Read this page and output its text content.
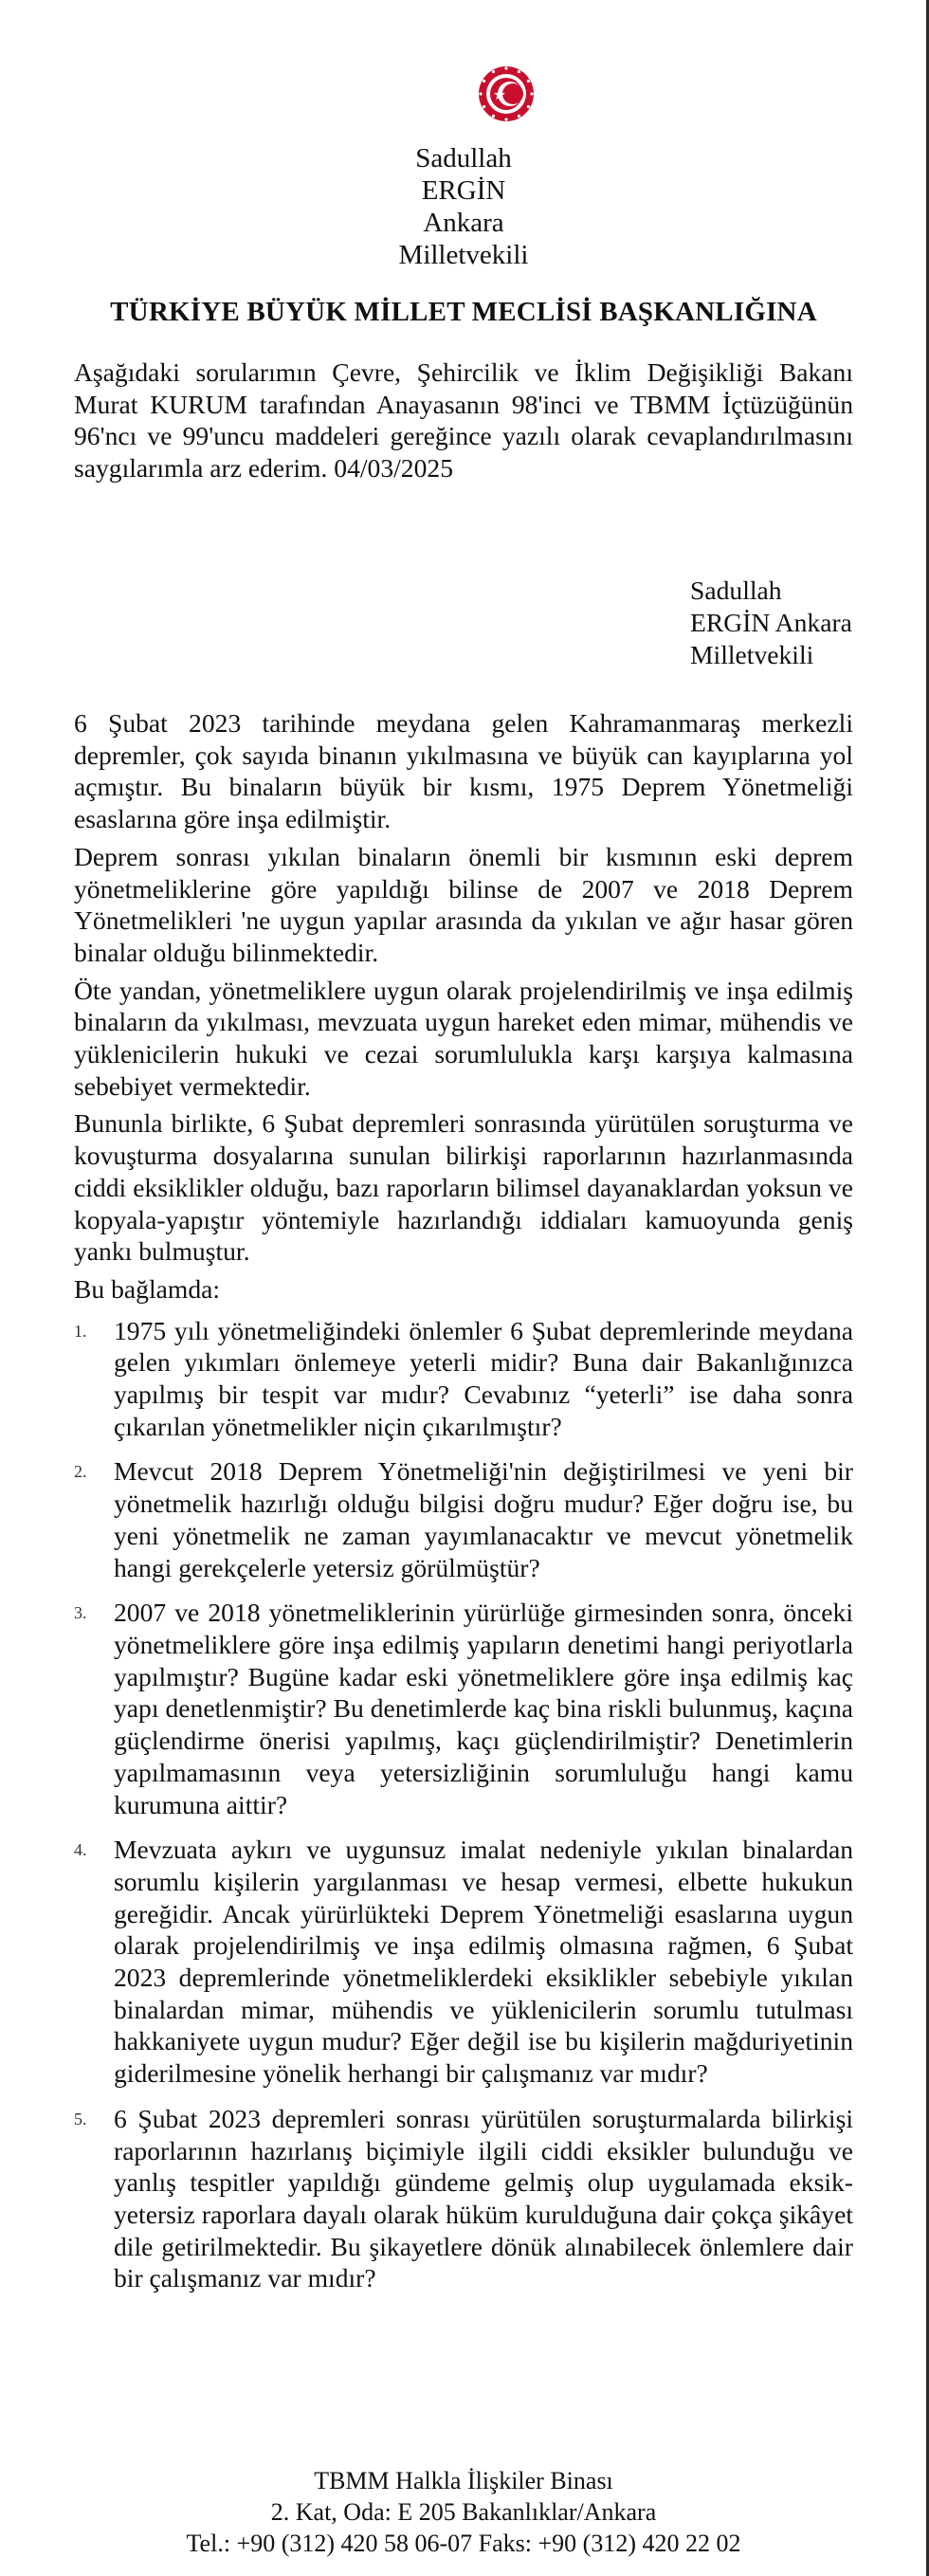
Sadullah
ERGİN
Ankara
Milletvekili
TÜRKİYE BÜYÜK MİLLET MECLİSİ BAŞKANLIĞINA

Aşağıdaki sorularımın Çevre, Şehircilik ve İklim Değişikliği Bakanı Murat KURUM tarafından Anayasanın 98'inci ve TBMM İçtüzüğünün 96'ncı ve 99'uncu maddeleri gereğince yazılı olarak cevaplandırılmasını saygılarımla arz ederim. 04/03/2025

Sadullah
ERGİN Ankara
Milletvekili

6 Şubat 2023 tarihinde meydana gelen Kahramanmaraş merkezli depremler, çok sayıda binanın yıkılmasına ve büyük can kayıplarına yol açmıştır. Bu binaların büyük bir kısmı, 1975 Deprem Yönetmeliği esaslarına göre inşa edilmiştir.

Deprem sonrası yıkılan binaların önemli bir kısmının eski deprem yönetmeliklerine göre yapıldığı bilinse de 2007 ve 2018 Deprem Yönetmelikleri 'ne uygun yapılar arasında da yıkılan ve ağır hasar gören binalar olduğu bilinmektedir.

Öte yandan, yönetmeliklere uygun olarak projelendirilmiş ve inşa edilmiş binaların da yıkılması, mevzuata uygun hareket eden mimar, mühendis ve yüklenicilerin hukuki ve cezai sorumlulukla karşı karşıya kalmasına sebebiyet vermektedir.

Bununla birlikte, 6 Şubat depremleri sonrasında yürütülen soruşturma ve kovuşturma dosyalarına sunulan bilirkişi raporlarının hazırlanmasında ciddi eksiklikler olduğu, bazı raporların bilimsel dayanaklardan yoksun ve kopyala-yapıştır yöntemiyle hazırlandığı iddiaları kamuoyunda geniş yankı bulmuştur.

Bu bağlamda:

1. 1975 yılı yönetmeliğindeki önlemler 6 Şubat depremlerinde meydana gelen yıkımları önlemeye yeterli midir? Buna dair Bakanlığınızca yapılmış bir tespit var mıdır? Cevabınız “yeterli” ise daha sonra çıkarılan yönetmelikler niçin çıkarılmıştır?

2. Mevcut 2018 Deprem Yönetmeliği'nin değiştirilmesi ve yeni bir yönetmelik hazırlığı olduğu bilgisi doğru mudur? Eğer doğru ise, bu yeni yönetmelik ne zaman yayımlanacaktır ve mevcut yönetmelik hangi gerekçelerle yetersiz görülmüştür?

3. 2007 ve 2018 yönetmeliklerinin yürürlüğe girmesinden sonra, önceki yönetmeliklere göre inşa edilmiş yapıların denetimi hangi periyotlarla yapılmıştır? Bugüne kadar eski yönetmeliklere göre inşa edilmiş kaç yapı denetlenmiştir? Bu denetimlerde kaç bina riskli bulunmuş, kaçına güçlendirme önerisi yapılmış, kaçı güçlendirilmiştir? Denetimlerin yapılmamasının veya yetersizliğinin sorumluluğu hangi kamu kurumuna aittir?

4. Mevzuata aykırı ve uygunsuz imalat nedeniyle yıkılan binalardan sorumlu kişilerin yargılanması ve hesap vermesi, elbette hukukun gereğidir. Ancak yürürlükteki Deprem Yönetmeliği esaslarına uygun olarak projelendirilmiş ve inşa edilmiş olmasına rağmen, 6 Şubat 2023 depremlerinde yönetmeliklerdeki eksiklikler sebebiyle yıkılan binalardan mimar, mühendis ve yüklenicilerin sorumlu tutulması hakkaniyete uygun mudur? Eğer değil ise bu kişilerin mağduriyetinin giderilmesine yönelik herhangi bir çalışmanız var mıdır?

5. 6 Şubat 2023 depremleri sonrası yürütülen soruşturmalarda bilirkişi raporlarının hazırlanış biçimiyle ilgili ciddi eksikler bulunduğu ve yanlış tespitler yapıldığı gündeme gelmiş olup uygulamada eksik-yetersiz raporlara dayalı olarak hüküm kurulduğuna dair çokça şikâyet dile getirilmektedir. Bu şikayetlere dönük alınabilecek önlemlere dair bir çalışmanız var mıdır?

TBMM Halkla İlişkiler Binası
2. Kat, Oda: E 205 Bakanlıklar/Ankara
Tel.: +90 (312) 420 58 06-07 Faks: +90 (312) 420 22 02
